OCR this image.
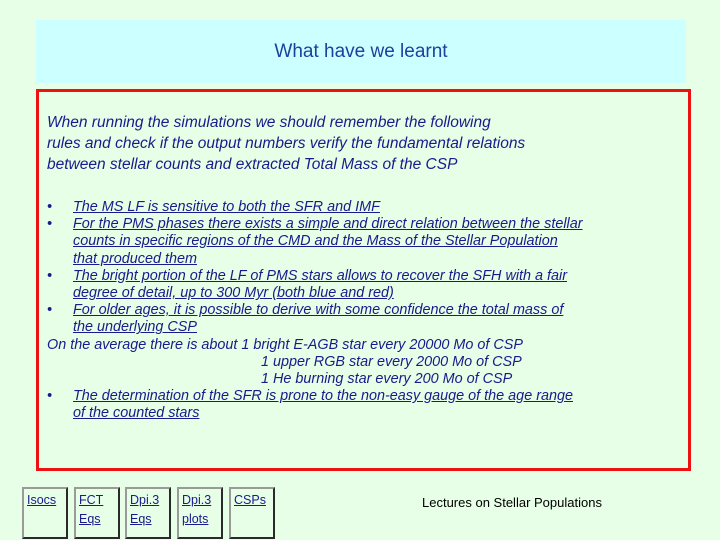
What have we learnt
When running the simulations we should remember the following
rules and check if the output numbers verify the fundamental relations
between stellar counts and extracted Total Mass of the CSP
• The MS LF is sensitive to both the SFR and IMF
• For the PMS phases there exists a simple and direct relation between the stellar
counts in specific regions of the CMD and the Mass of the Stellar Population
that produced them
• The bright portion of the LF of PMS stars allows to recover the SFH with a fair
degree of detail, up to 300 Myr (both blue and red)
• For older ages, it is possible to derive with some confidence the total mass of
the underlying CSP
On the average there is about 1 bright E-AGB star every 20000 Mo of CSP
1 upper RGB star every 2000 Mo of CSP
1 He burning star every 200 Mo of CSP
• The determination of the SFR is prone to the non-easy gauge of the age range
of the counted stars
Isocs	FCT
Eqs
Dpi.3
Eqs
Dpi.3
plots
CSPs	Lectures on Stellar Populations
